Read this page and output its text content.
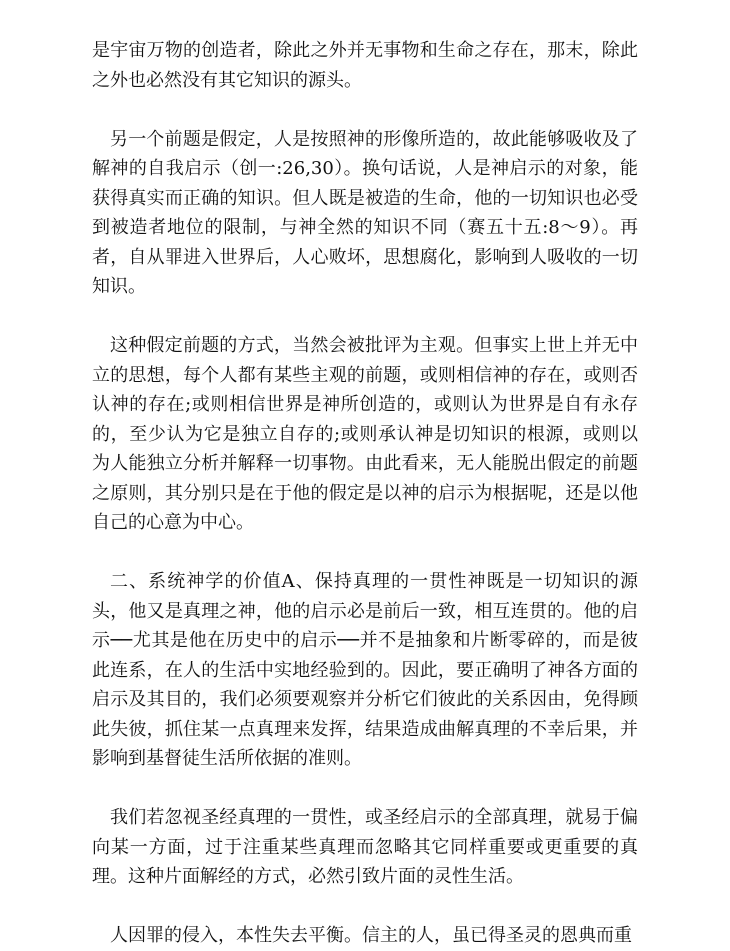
是宇宙万物的创造者，除此之外并无事物和生命之存在，那末，除此之外也必然没有其它知识的源头。

另一个前题是假定，人是按照神的形像所造的，故此能够吸收及了解神的自我启示（创一:26,30）。换句话说，人是神启示的对象，能获得真实而正确的知识。但人既是被造的生命，他的一切知识也必受到被造者地位的限制，与神全然的知识不同（赛五十五:8～9）。再者，自从罪进入世界后，人心败坏，思想腐化，影响到人吸收的一切知识。

这种假定前题的方式，当然会被批评为主观。但事实上世上并无中立的思想，每个人都有某些主观的前题，或则相信神的存在，或则否认神的存在;或则相信世界是神所创造的，或则认为世界是自有永存的，至少认为它是独立自存的;或则承认神是切知识的根源，或则以为人能独立分析并解释一切事物。由此看来，无人能脱出假定的前题之原则，其分别只是在于他的假定是以神的启示为根据呢，还是以他自己的心意为中心。

二、系统神学的价值A、保持真理的一贯性神既是一切知识的源头，他又是真理之神，他的启示必是前后一致，相互连贯的。他的启示──尤其是他在历史中的启示──并不是抽象和片断零碎的，而是彼此连系，在人的生活中实地经验到的。因此，要正确明了神各方面的启示及其目的，我们必须要观察并分析它们彼此的关系因由，免得顾此失彼，抓住某一点真理来发挥，结果造成曲解真理的不幸后果，并影响到基督徒生活所依据的准则。

我们若忽视圣经真理的一贯性，或圣经启示的全部真理，就易于偏向某一方面，过于注重某些真理而忽略其它同样重要或更重要的真理。这种片面解经的方式，必然引致片面的灵性生活。

人因罪的侵入，本性失去平衡。信主的人，虽已得圣灵的恩典而重
